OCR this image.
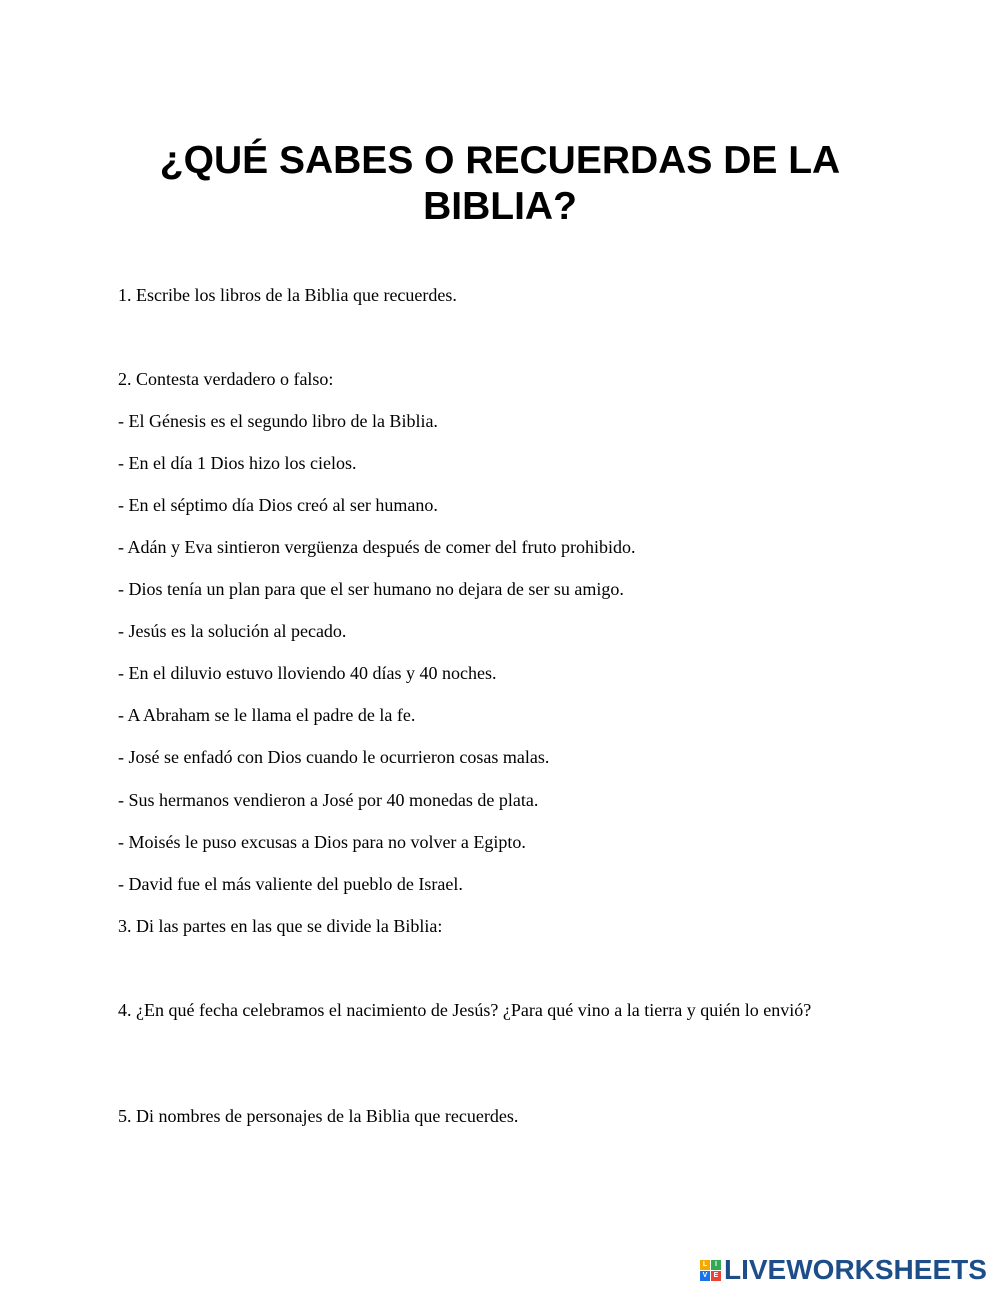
¿QUÉ SABES O RECUERDAS DE LA
BIBLIA?
1. Escribe los libros de la Biblia que recuerdes.
2. Contesta verdadero o falso:
- El Génesis es el segundo libro de la Biblia.
- En el día 1 Dios hizo los cielos.
- En el séptimo día Dios creó al ser humano.
- Adán y Eva sintieron vergüenza después de comer del fruto prohibido.
- Dios tenía un plan para que el ser humano no dejara de ser su amigo.
- Jesús es la solución al pecado.
- En el diluvio estuvo lloviendo 40 días y 40 noches.
- A Abraham se le llama el padre de la fe.
- José se enfadó con Dios cuando le ocurrieron cosas malas.
- Sus hermanos vendieron a José por 40 monedas de plata.
- Moisés le puso excusas a Dios para no volver a Egipto.
- David fue el más valiente del pueblo de Israel.
3. Di las partes en las que se divide la Biblia:
4. ¿En qué fecha celebramos el nacimiento de Jesús? ¿Para qué vino a la tierra y quién lo envió?
5. Di nombres de personajes de la Biblia que recuerdes.
L	I
V E LIVEWORKSHEETS
